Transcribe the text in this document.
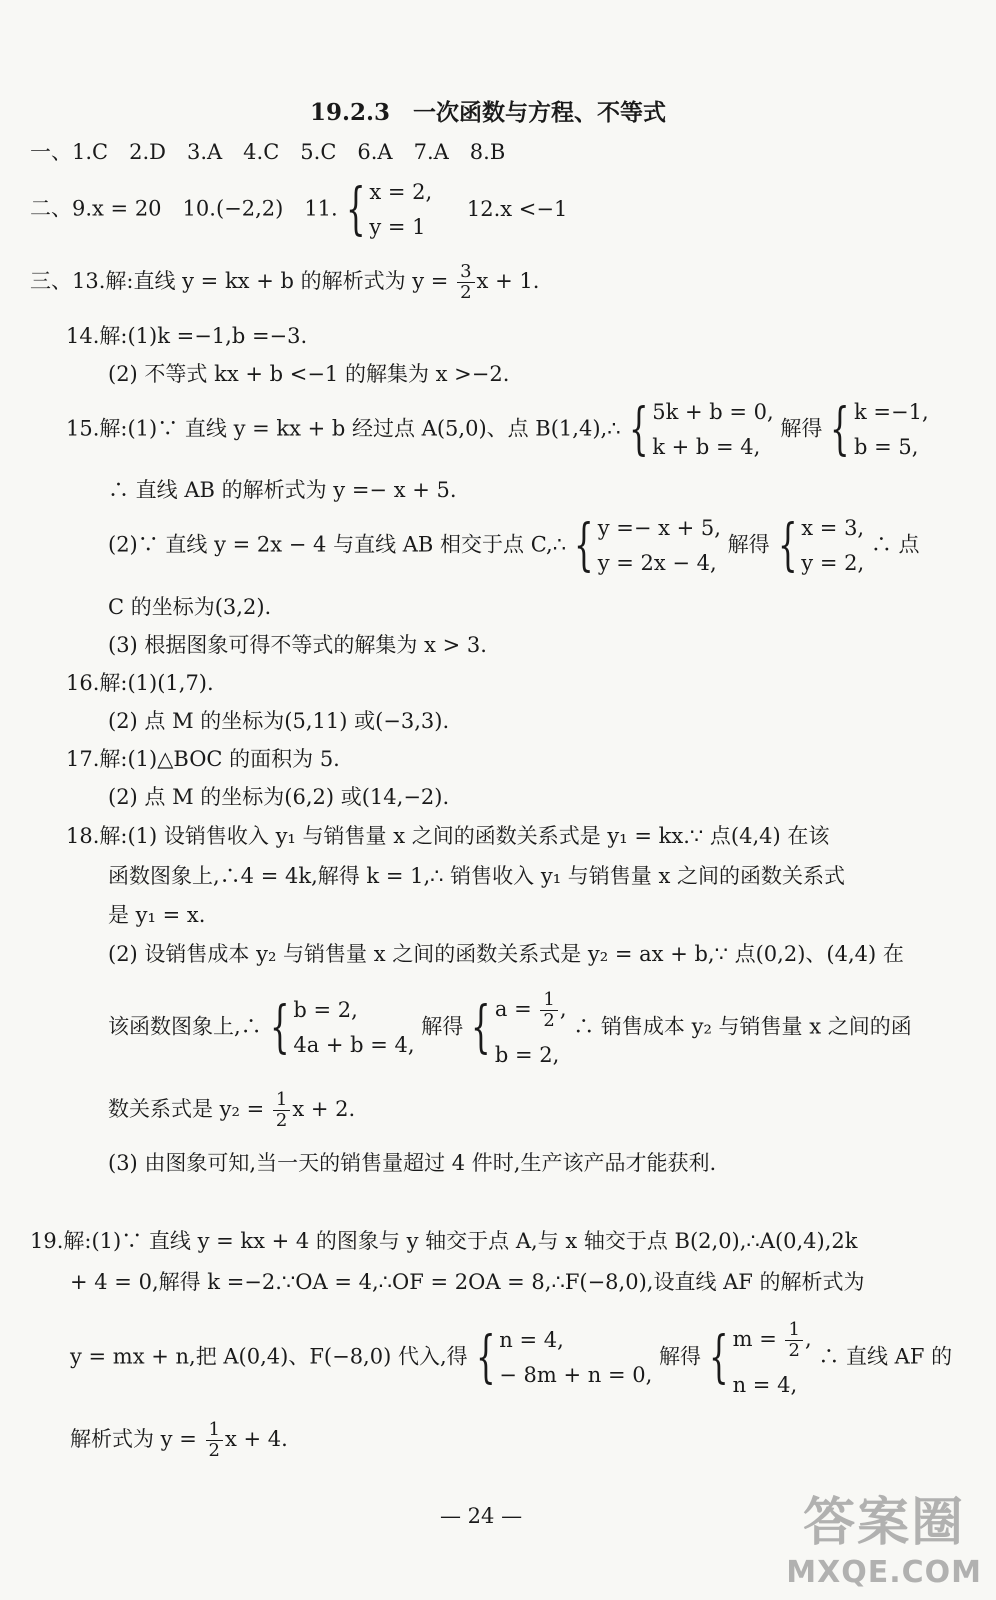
19.2.3　一次函数与方程、不等式
一、1.C　2.D　3.A　4.C　5.C　6.A　7.A　8.B
二、9.x = 20　10.(−2,2)　11. { x = 2,
y = 1
12.x <−1
三、13.解:直线 y = kx + b 的解析式为 $y = \frac{3}{2}$ x + 1.
14.解:(1)k =−1,b =−3.
(2) 不等式 kx + b <−1 的解集为 x >−2.
15.解:(1)∵ 直线 y = kx + b 经过点 A(5,0)、点 B(1,4),∴ { 5k + b = 0,
k + b = 4,
解得 { k =−1,
b = 5,
∴ 直线 AB 的解析式为 y =− x + 5.
(2)∵ 直线 y = 2x − 4 与直线 AB 相交于点 C,∴ { y =− x + 5,
y = 2x − 4,
解得 { x = 3,
y = 2,
∴ 点
C 的坐标为(3,2).
(3) 根据图象可得不等式的解集为 x > 3.
16.解:(1)(1,7).
(2) 点 M 的坐标为(5,11) 或(−3,3).
17.解:(1)△BOC 的面积为 5.
(2) 点 M 的坐标为(6,2) 或(14,−2).
18.解:(1) 设销售收入 y₁ 与销售量 x 之间的函数关系式是 y₁ = kx.∵ 点(4,4) 在该
函数图象上,∴4 = 4k,解得 k = 1,∴ 销售收入 y₁ 与销售量 x 之间的函数关系式
是 y₁ = x.
(2) 设销售成本 y₂ 与销售量 x 之间的函数关系式是 y₂ = ax + b,∵ 点(0,2)、(4,4) 在
该函数图象上,∴ { b = 2,
4a + b = 4,
解得 { $a = \frac{1}{2}$ ,
b = 2,
∴ 销售成本 y₂ 与销售量 x 之间的函
数关系式是 $y_2 = \frac{1}{2}$ x + 2.
(3) 由图象可知,当一天的销售量超过 4 件时,生产该产品才能获利.
19.解:(1)∵ 直线 y = kx + 4 的图象与 y 轴交于点 A,与 x 轴交于点 B(2,0),∴A(0,4),2k
+ 4 = 0,解得 k =−2.∵OA = 4,∴OF = 2OA = 8,∴F(−8,0),设直线 AF 的解析式为
y = mx + n,把 A(0,4)、F(−8,0) 代入,得 { n = 4,
− 8m + n = 0,
解得 { $m = \frac{1}{2}$ ,
n = 4,
∴ 直线 AF 的
解析式为 $y = \frac{1}{2}$ x + 4.
— 24 —	答案圈
MXQE.COM
